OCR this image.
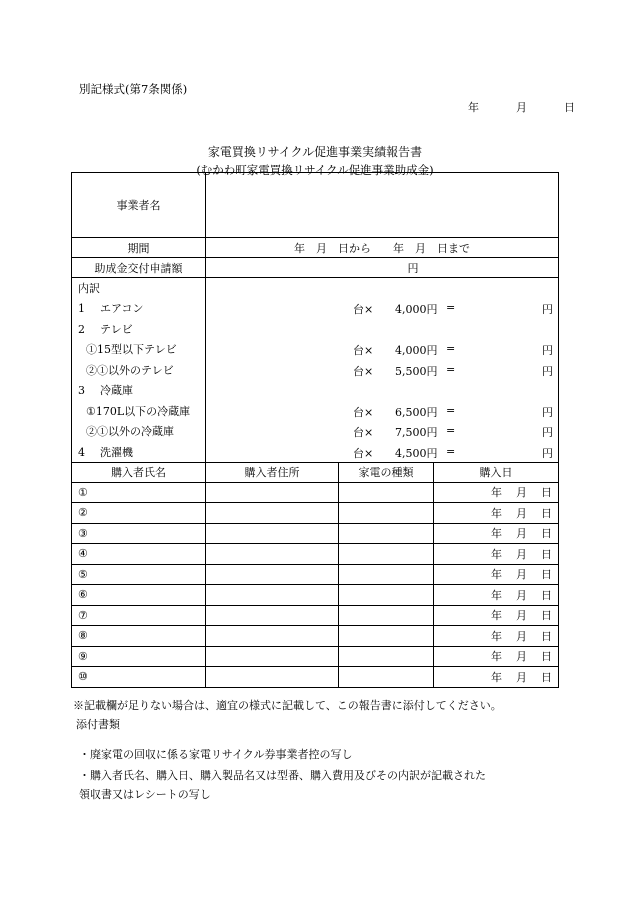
別記様式(第7条関係)
年	月	日
家電買換リサイクル促進事業実績報告書
(むかわ町家電買換リサイクル促進事業助成金)
事業者名			
期間	年　月　日から　　年　月　日まで		
助成金交付申請額	円		
内訳			
1 エアコン	台× 4,000円 = 円		

2 テレビ			

①15型以下テレビ	台× 4,000円 = 円		

②①以外のテレビ	台× 5,500円 = 円		

3 冷蔵庫			

①170L以下の冷蔵庫	台× 6,500円 = 円		

②①以外の冷蔵庫	台× 7,500円 = 円		

4 洗濯機	台× 4,500円 = 円		

購入者氏名	購入者住所	家電の種類	購入日
①			年 月 日

②			年 月 日

③			年 月 日

④			年 月 日

⑤			年 月 日

⑥			年 月 日

⑦			年 月 日

⑧			年 月 日

⑨			年 月 日

⑩			年 月 日
※記載欄が足りない場合は、適宜の様式に記載して、この報告書に添付してください。
添付書類
・廃家電の回収に係る家電リサイクル券事業者控の写し
・購入者氏名、購入日、購入製品名又は型番、購入費用及びその内訳が記載された
領収書又はレシートの写し
